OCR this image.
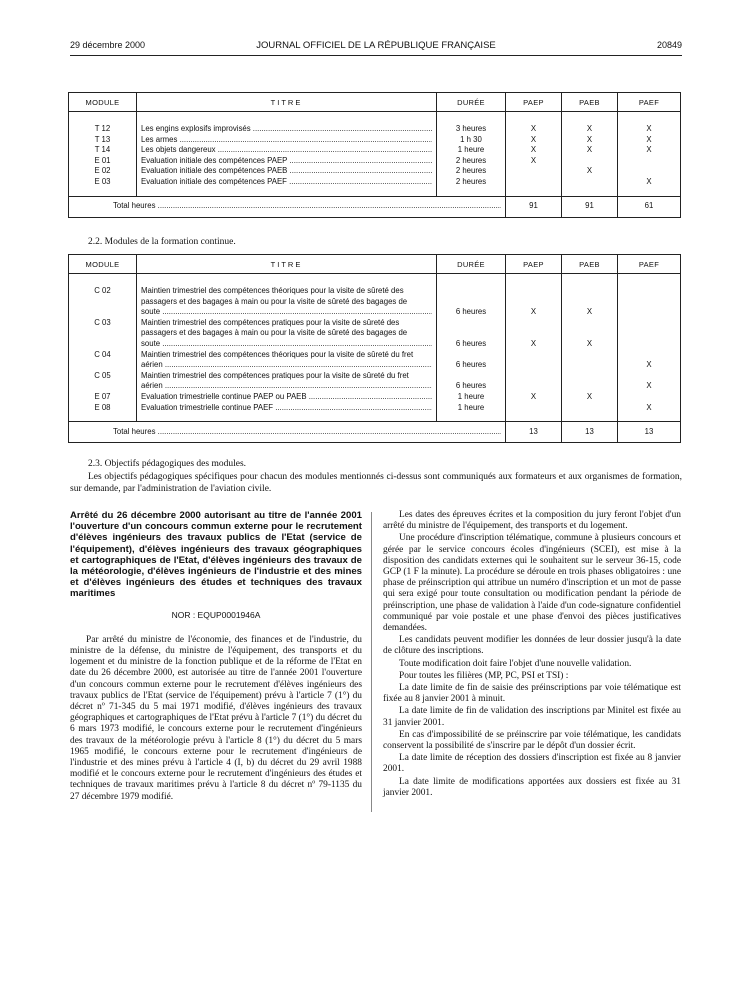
29 décembre 2000	JOURNAL OFFICIEL DE LA RÉPUBLIQUE FRANÇAISE	20849
MODULE	TITRE	DURÉE	PAEP	PAEB	PAEF
T 12	Les engins explosifs improvisés .....	3 heures	X	X	X
T 13	Les armes .....	1 h 30	X	X	X
T 14	Les objets dangereux .....	1 heure	X	X	X
E 01	Evaluation initiale des compétences PAEP .....	2 heures	X		
E 02	Evaluation initiale des compétences PAEB .....	2 heures		X	
E 03	Evaluation initiale des compétences PAEF .....	2 heures			X

Total heures .....			91	91	61
2.2. Modules de la formation continue.
MODULE	TITRE	DURÉE	PAEP	PAEB	PAEF
C 02	Maintien trimestriel des compétences théoriques pour la visite de sûreté des
passagers et des bagages à main ou pour la visite de sûreté des bagages de
soute .....	6 heures	X	X	

C 03	Maintien trimestriel des compétences pratiques pour la visite de sûreté des
passagers et des bagages à main ou pour la visite de sûreté des bagages de
soute .....	6 heures	X	X	

C 04	Maintien trimestriel des compétences théoriques pour la visite de sûreté du fret
aérien .....	6 heures			X
C 05	Maintien trimestriel des compétences pratiques pour la visite de sûreté du fret
aérien .....	6 heures			X
E 07	Evaluation trimestrielle continue PAEP ou PAEB .....	1 heure	X	X	
E 08	Evaluation trimestrielle continue PAEF .....	1 heure			X

Total heures .....			13	13	13
2.3. Objectifs pédagogiques des modules.
Les objectifs pédagogiques spécifiques pour chacun des modules mentionnés ci-dessus sont communiqués aux formateurs et aux organismes de formation, sur demande, par l'administration de l'aviation civile.
Arrêté du 26 décembre 2000 autorisant au titre de l'année 2001 l'ouverture d'un concours commun externe pour le recrutement d'élèves ingénieurs des travaux publics de l'Etat (service de l'équipement), d'élèves ingénieurs des travaux géographiques et cartographiques de l'Etat, d'élèves ingénieurs des travaux de la météorologie, d'élèves ingénieurs de l'industrie et des mines et d'élèves ingénieurs des études et techniques des travaux maritimes
NOR : EQUP0001946A

Par arrêté du ministre de l'économie, des finances et de l'industrie, du ministre de la défense, du ministre de l'équipement, des transports et du logement et du ministre de la fonction publique et de la réforme de l'Etat en date du 26 décembre 2000, est autorisée au titre de l'année 2001 l'ouverture d'un concours commun externe pour le recrutement d'élèves ingénieurs des travaux publics de l'Etat (service de l'équipement) prévu à l'article 7 (1°) du décret nº 71-345 du 5 mai 1971 modifié, d'élèves ingénieurs des travaux géographiques et cartographiques de l'Etat prévu à l'article 7 (1°) du décret du 6 mars 1973 modifié, le concours externe pour le recrutement d'ingénieurs des travaux de la météorologie prévu à l'article 8 (1°) du décret du 5 mars 1965 modifié, le concours externe pour le recrutement d'ingénieurs de l'industrie et des mines prévu à l'article 4 (I, b) du décret du 29 avril 1988 modifié et le concours externe pour le recrutement d'ingénieurs des études et techniques de travaux maritimes prévu à l'article 8 du décret nº 79-1135 du 27 décembre 1979 modifié.

Les dates des épreuves écrites et la composition du jury feront l'objet d'un arrêté du ministre de l'équipement, des transports et du logement.

Une procédure d'inscription télématique, commune à plusieurs concours et gérée par le service concours écoles d'ingénieurs (SCEI), est mise à la disposition des candidats externes qui le souhaitent sur le serveur 36-15, code GCP (1 F la minute). La procédure se déroule en trois phases obligatoires : une phase de préinscription qui attribue un numéro d'inscription et un mot de passe qui sera exigé pour toute consultation ou modification pendant la période de préinscription, une phase de validation à l'aide d'un code-signature confidentiel communiqué par voie postale et une phase d'envoi des pièces justificatives demandées.

Les candidats peuvent modifier les données de leur dossier jusqu'à la date de clôture des inscriptions.

Toute modification doit faire l'objet d'une nouvelle validation.

Pour toutes les filières (MP, PC, PSI et TSI) :

La date limite de fin de saisie des préinscriptions par voie télématique est fixée au 8 janvier 2001 à minuit.

La date limite de fin de validation des inscriptions par Minitel est fixée au 31 janvier 2001.

En cas d'impossibilité de se préinscrire par voie télématique, les candidats conservent la possibilité de s'inscrire par le dépôt d'un dossier écrit.

La date limite de réception des dossiers d'inscription est fixée au 8 janvier 2001.

La date limite de modifications apportées aux dossiers est fixée au 31 janvier 2001.
